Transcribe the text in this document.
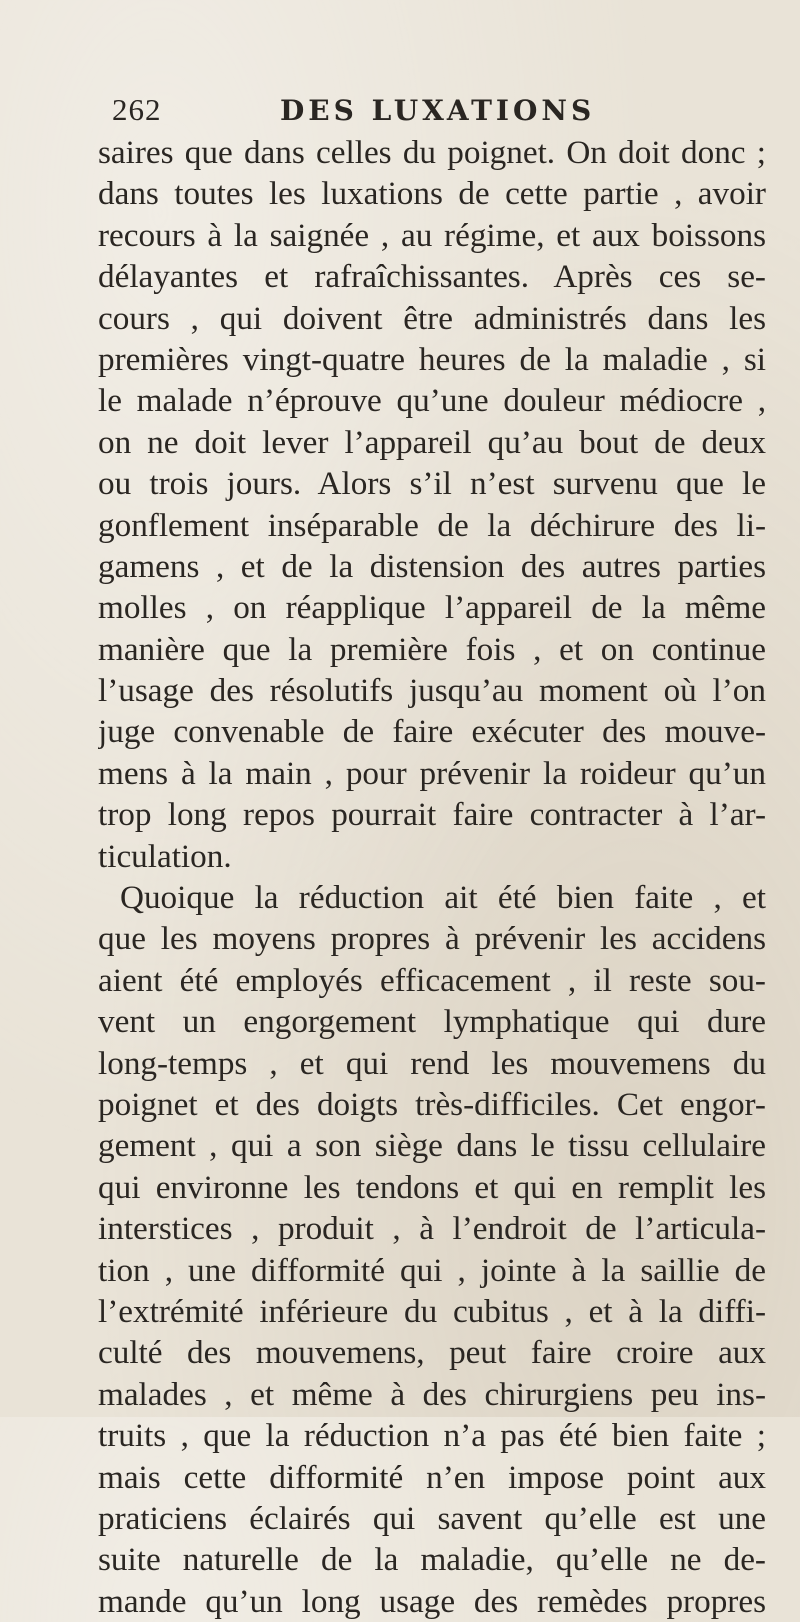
262	DES LUXATIONS
saires que dans celles du poignet. On doit donc ;
dans toutes les luxations de cette partie , avoir
recours à la saignée , au régime, et aux boissons
délayantes et rafraîchissantes. Après ces se-
cours , qui doivent être administrés dans les
premières vingt-quatre heures de la maladie , si
le malade n’éprouve qu’une douleur médiocre ,
on ne doit lever l’appareil qu’au bout de deux
ou trois jours. Alors s’il n’est survenu que le
gonflement inséparable de la déchirure des li-
gamens , et de la distension des autres parties
molles , on réapplique l’appareil de la même
manière que la première fois , et on continue
l’usage des résolutifs jusqu’au moment où l’on
juge convenable de faire exécuter des mouve-
mens à la main , pour prévenir la roideur qu’un
trop long repos pourrait faire contracter à l’ar-
ticulation.
Quoique la réduction ait été bien faite , et
que les moyens propres à prévenir les accidens
aient été employés efficacement , il reste sou-
vent un engorgement lymphatique qui dure
long-temps , et qui rend les mouvemens du
poignet et des doigts très-difficiles. Cet engor-
gement , qui a son siège dans le tissu cellulaire
qui environne les tendons et qui en remplit les
interstices , produit , à l’endroit de l’articula-
tion , une difformité qui , jointe à la saillie de
l’extrémité inférieure du cubitus , et à la diffi-
culté des mouvemens, peut faire croire aux
malades , et même à des chirurgiens peu ins-
truits , que la réduction n’a pas été bien faite ;
mais cette difformité n’en impose point aux
praticiens éclairés qui savent qu’elle est une
suite naturelle de la maladie, qu’elle ne de-
mande qu’un long usage des remèdes propres
